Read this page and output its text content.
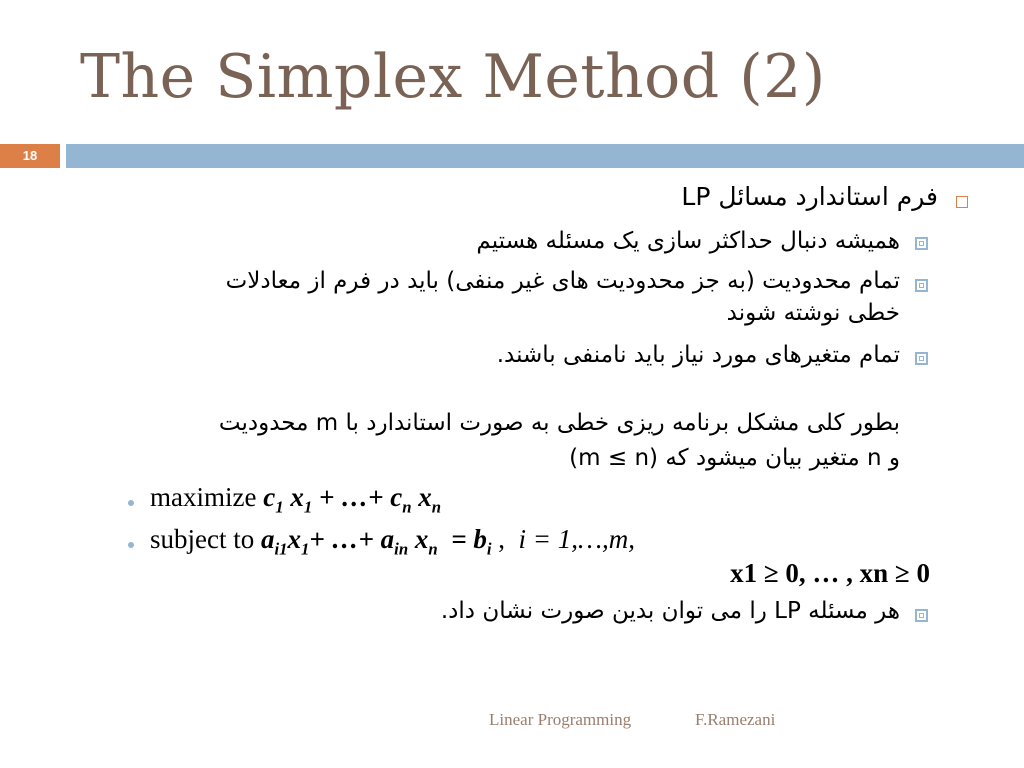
The Simplex Method (2)
18
فرم استاندارد مسائل LP
همیشه دنبال حداکثر سازی یک مسئله هستیم
تمام محدودیت (به جز محدودیت های غیر منفی) باید در فرم از معادلات
خطی نوشته شوند
تمام متغیرهای مورد نیاز باید نامنفی باشند.
بطور کلی مشکل برنامه ریزی خطی به صورت استاندارد با m محدودیت
و n متغیر بیان میشود که (m ≤ n)
maximize $c_1$ $x_1$ + …+ $c_n$ $x_n$
subject to $a_{i1}x_1+$ …+ $a_{in}$ $x_n = b_i$ ,  i = 1,…,m,
x1 ≥ 0, … , xn ≥ 0
هر مسئله LP را می توان بدین صورت نشان داد.
Linear Programming	F.Ramezani
